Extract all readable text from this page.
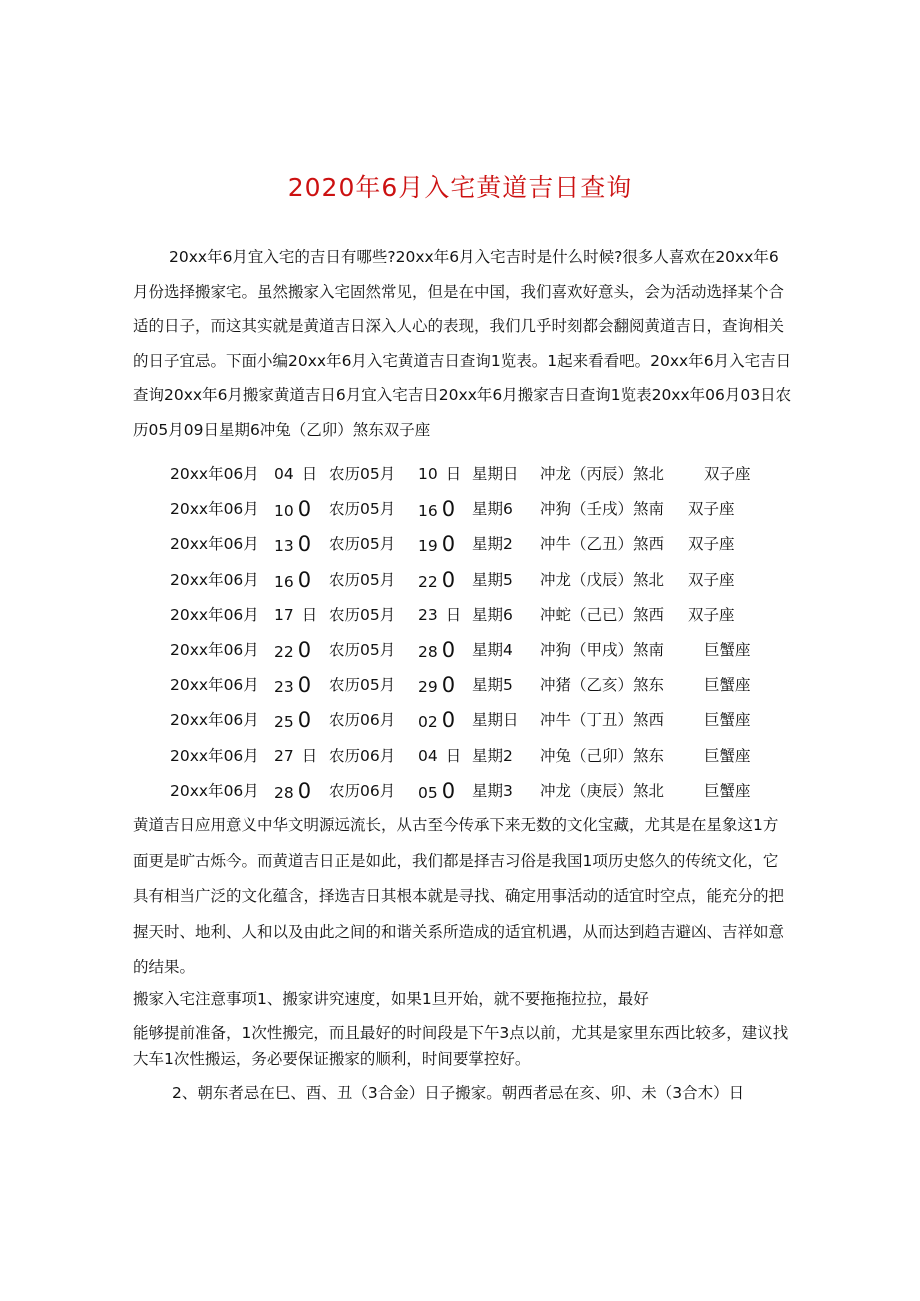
2020年6月入宅黄道吉日查询

20xx年6月宜入宅的吉日有哪些?20xx年6月入宅吉时是什么时候?很多人喜欢在20xx年6月份选择搬家宅。虽然搬家入宅固然常见，但是在中国，我们喜欢好意头，会为活动选择某个合适的日子，而这其实就是黄道吉日深入人心的表现，我们几乎时刻都会翻阅黄道吉日，查询相关的日子宜忌。下面小编20xx年6月入宅黄道吉日查询1览表。1起来看看吧。20xx年6月入宅吉日查询20xx年6月搬家黄道吉日6月宜入宅吉日20xx年6月搬家吉日查询1览表20xx年06月03日农历05月09日星期6冲兔（乙卯）煞东双子座

20xx年06月 04 日 农历05月 10 日 星期日 冲龙（丙辰）煞北	双子座
20xx年06月 10 0 农历05月 16 0 星期6 冲狗（壬戌）煞南 双子座
20xx年06月 13 0 农历05月 19 0 星期2 冲牛（乙丑）煞西 双子座
20xx年06月 16 0 农历05月 22 0 星期5 冲龙（戊辰）煞北 双子座
20xx年06月 17 日 农历05月 23 日 星期6 冲蛇（己已）煞西 双子座
20xx年06月 22 0 农历05月 28 0 星期4 冲狗（甲戌）煞南	巨蟹座
20xx年06月 23 0 农历05月 29 0 星期5 冲猪（乙亥）煞东	巨蟹座
20xx年06月 25 0 农历06月 02 0 星期日 冲牛（丁丑）煞西	巨蟹座
20xx年06月 27 日 农历06月 04 日 星期2 冲兔（己卯）煞东	巨蟹座
20xx年06月 28 0 农历06月 05 0 星期3 冲龙（庚辰）煞北	巨蟹座

黄道吉日应用意义中华文明源远流长，从古至今传承下来无数的文化宝藏，尤其是在星象这1方面更是旷古烁今。而黄道吉日正是如此，我们都是择吉习俗是我国1项历史悠久的传统文化，它具有相当广泛的文化蕴含，择选吉日其根本就是寻找、确定用事活动的适宜时空点，能充分的把握天时、地利、人和以及由此之间的和谐关系所造成的适宜机遇，从而达到趋吉避凶、吉祥如意的结果。

搬家入宅注意事项1、搬家讲究速度，如果1旦开始，就不要拖拖拉拉，最好

能够提前准备，1次性搬完，而且最好的时间段是下午3点以前，尤其是家里东西比较多，建议找大车1次性搬运，务必要保证搬家的顺利，时间要掌控好。

2、朝东者忌在巳、酉、丑（3合金）日子搬家。朝西者忌在亥、卯、未（3合木）日
